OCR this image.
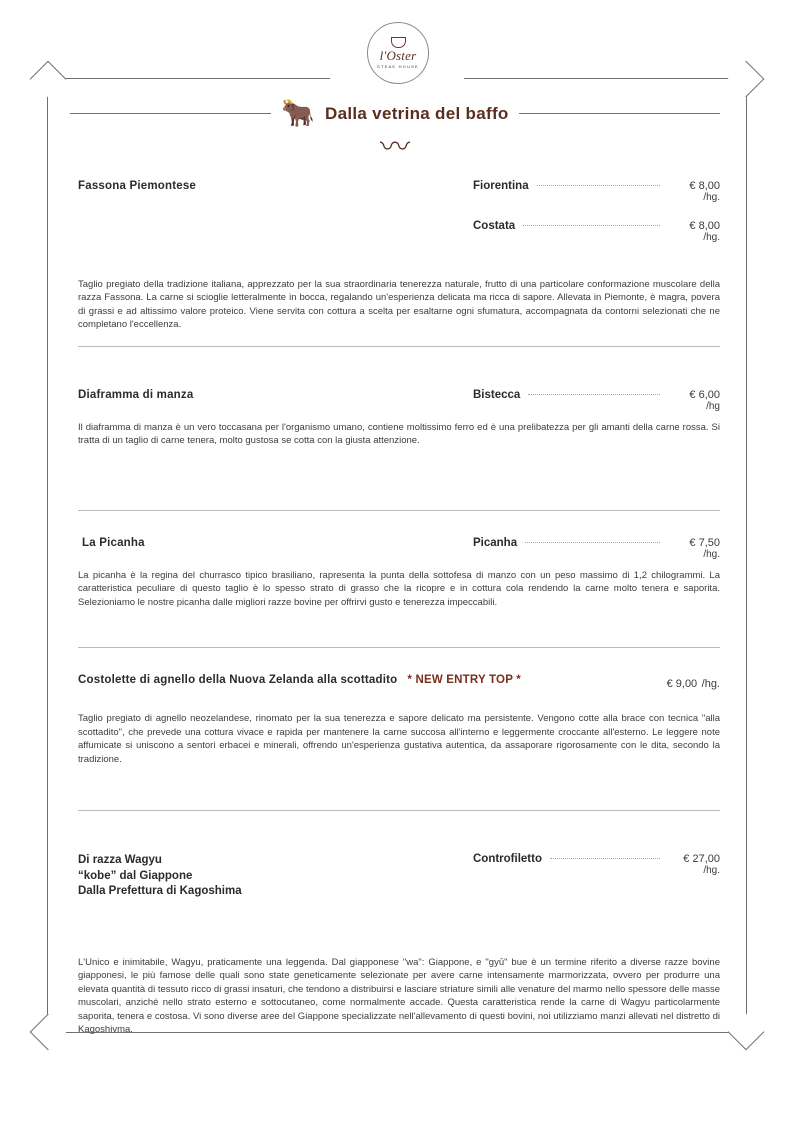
l'Oster
STEAK HOUSE
🐂 Dalla vetrina del baffo
〰
Fassona Piemontese	Fiorentina	€ 8,00
/hg.
Costata	€ 8,00
/hg.
Taglio pregiato della tradizione italiana, apprezzato per la sua straordinaria tenerezza naturale, frutto di una particolare conformazione muscolare della razza Fassona. La carne si scioglie letteralmente in bocca, regalando un'esperienza delicata ma ricca di sapore. Allevata in Piemonte, è magra, povera di grassi e ad altissimo valore proteico. Viene servita con cottura a scelta per esaltarne ogni sfumatura, accompagnata da contorni selezionati che ne completano l'eccellenza.
Diaframma di manza	Bistecca	€ 6,00
/hg
Il diaframma di manza è un vero toccasana per l'organismo umano, contiene moltissimo ferro ed è una prelibatezza per gli amanti della carne rossa. Si tratta di un taglio di carne tenera, molto gustosa se cotta con la giusta attenzione.
La Picanha	Picanha	€ 7,50
/hg.
La picanha è la regina del churrasco tipico brasiliano, rapresenta la punta della sottofesa di manzo con un peso massimo di 1,2 chilogrammi. La caratteristica peculiare di questo taglio è lo spesso strato di grasso che la ricopre e in cottura cola rendendo la carne molto tenera e saporita. Selezioniamo le nostre picanha dalle migliori razze bovine per offrirvi gusto e tenerezza impeccabili.
Costolette di agnello della Nuova Zelanda alla scottadito * NEW ENTRY TOP *	€ 9,00 /hg.
Taglio pregiato di agnello neozelandese, rinomato per la sua tenerezza e sapore delicato ma persistente. Vengono cotte alla brace con tecnica "alla scottadito", che prevede una cottura vivace e rapida per mantenere la carne succosa all'interno e leggermente croccante all'esterno. Le leggere note affumicate si uniscono a sentori erbacei e minerali, offrendo un'esperienza gustativa autentica, da assaporare rigorosamente con le dita, secondo la tradizione.
Di razza Wagyu
“kobe” dal Giappone
Dalla Prefettura di Kagoshima
Controfiletto	€ 27,00
/hg.
L'Unico e inimitabile, Wagyu, praticamente una leggenda. Dal giapponese "wa": Giappone, e "gyū" bue è un termine riferito a diverse razze bovine giapponesi, le più famose delle quali sono state geneticamente selezionate per avere carne intensamente marmorizzata, ovvero per produrre una elevata quantità di tessuto ricco di grassi insaturi, che tendono a distribuirsi e lasciare striature simili alle venature del marmo nello spessore delle masse muscolari, anziché nello strato esterno e sottocutaneo, come normalmente accade. Questa caratteristica rende la carne di Wagyu particolarmente saporita, tenera e costosa. Vi sono diverse aree del Giappone specializzate nell'allevamento di questi bovini, noi utilizziamo manzi allevati nel distretto di Kagoshivma.
